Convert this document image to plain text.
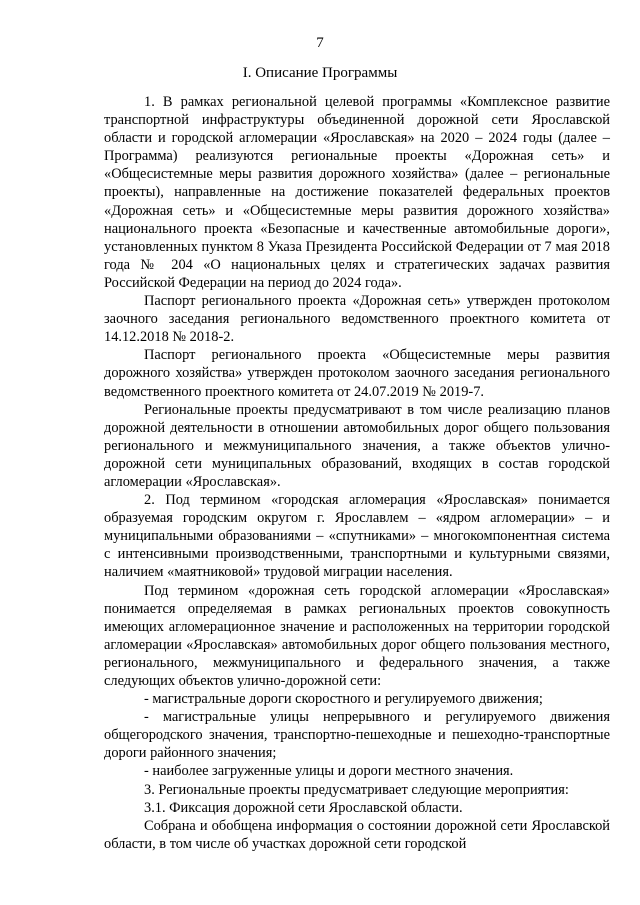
7
I. Описание Программы

1. В рамках региональной целевой программы «Комплексное развитие транспортной инфраструктуры объединенной дорожной сети Ярославской области и городской агломерации «Ярославская» на 2020 – 2024 годы (далее – Программа) реализуются региональные проекты «Дорожная сеть» и «Общесистемные меры развития дорожного хозяйства» (далее – региональные проекты), направленные на достижение показателей федеральных проектов «Дорожная сеть» и «Общесистемные меры развития дорожного хозяйства» национального проекта «Безопасные и качественные автомобильные дороги», установленных пунктом 8 Указа Президента Российской Федерации от 7 мая 2018 года № 204 «О национальных целях и стратегических задачах развития Российской Федерации на период до 2024 года».

Паспорт регионального проекта «Дорожная сеть» утвержден протоколом заочного заседания регионального ведомственного проектного комитета от 14.12.2018 № 2018-2.

Паспорт регионального проекта «Общесистемные меры развития дорожного хозяйства» утвержден протоколом заочного заседания регионального ведомственного проектного комитета от 24.07.2019 № 2019-7.

Региональные проекты предусматривают в том числе реализацию планов дорожной деятельности в отношении автомобильных дорог общего пользования регионального и межмуниципального значения, а также объектов улично-дорожной сети муниципальных образований, входящих в состав городской агломерации «Ярославская».

2. Под термином «городская агломерация «Ярославская» понимается образуемая городским округом г. Ярославлем – «ядром агломерации» – и муниципальными образованиями – «спутниками» – многокомпонентная система с интенсивными производственными, транспортными и культурными связями, наличием «маятниковой» трудовой миграции населения.

Под термином «дорожная сеть городской агломерации «Ярославская» понимается определяемая в рамках региональных проектов совокупность имеющих агломерационное значение и расположенных на территории городской агломерации «Ярославская» автомобильных дорог общего пользования местного, регионального, межмуниципального и федерального значения, а также следующих объектов улично-дорожной сети:

- магистральные дороги скоростного и регулируемого движения;

- магистральные улицы непрерывного и регулируемого движения общегородского значения, транспортно-пешеходные и пешеходно-транспортные дороги районного значения;

- наиболее загруженные улицы и дороги местного значения.

3. Региональные проекты предусматривает следующие мероприятия:

3.1. Фиксация дорожной сети Ярославской области.

Собрана и обобщена информация о состоянии дорожной сети Ярославской области, в том числе об участках дорожной сети городской
